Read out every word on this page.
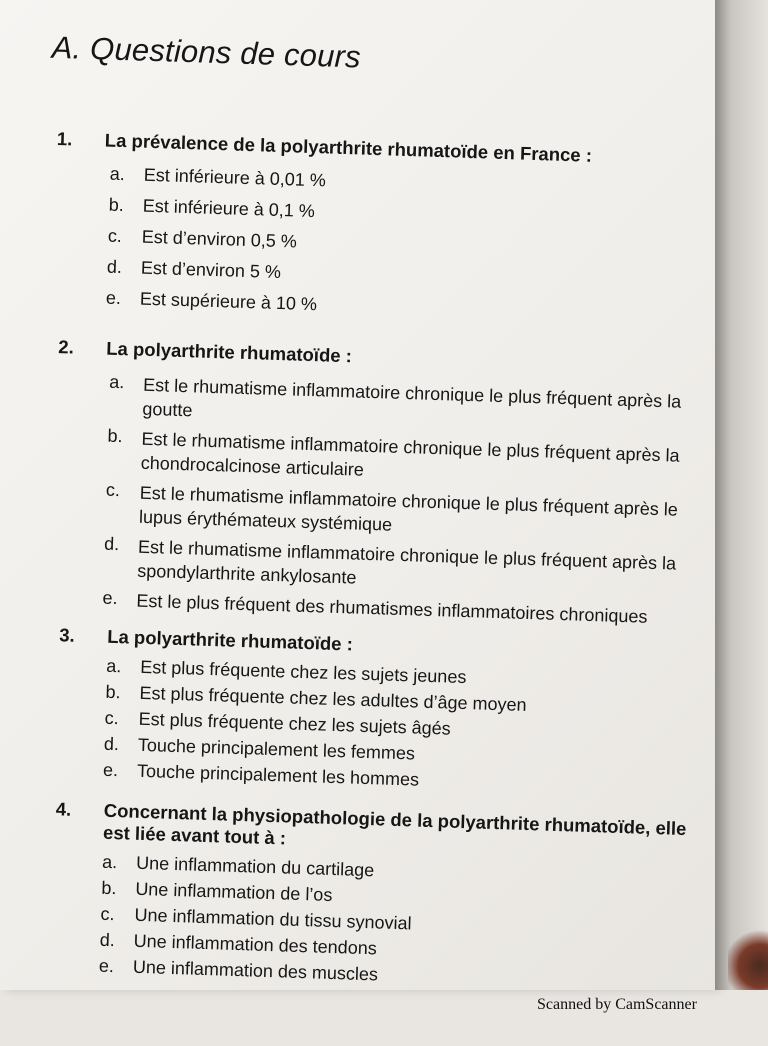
A. Questions de cours
1.	La prévalence de la polyarthrite rhumatoïde en France :
a.	Est inférieure à 0,01 %
b.	Est inférieure à 0,1 %
c.	Est d’environ 0,5 %
d.	Est d’environ 5 %
e.	Est supérieure à 10 %
2.	La polyarthrite rhumatoïde :
a.	Est le rhumatisme inflammatoire chronique le plus fréquent après la goutte
b.	Est le rhumatisme inflammatoire chronique le plus fréquent après la chondrocalcinose articulaire
c.	Est le rhumatisme inflammatoire chronique le plus fréquent après le lupus érythémateux systémique
d.	Est le rhumatisme inflammatoire chronique le plus fréquent après la spondylarthrite ankylosante
e.	Est le plus fréquent des rhumatismes inflammatoires chroniques
3.	La polyarthrite rhumatoïde :
a.	Est plus fréquente chez les sujets jeunes
b.	Est plus fréquente chez les adultes d’âge moyen
c.	Est plus fréquente chez les sujets âgés
d.	Touche principalement les femmes
e.	Touche principalement les hommes
4.	Concernant la physiopathologie de la polyarthrite rhumatoïde, elle est liée avant tout à :
a.	Une inflammation du cartilage
b.	Une inflammation de l’os
c.	Une inflammation du tissu synovial
d.	Une inflammation des tendons
e.	Une inflammation des muscles
Scanned by CamScanner
